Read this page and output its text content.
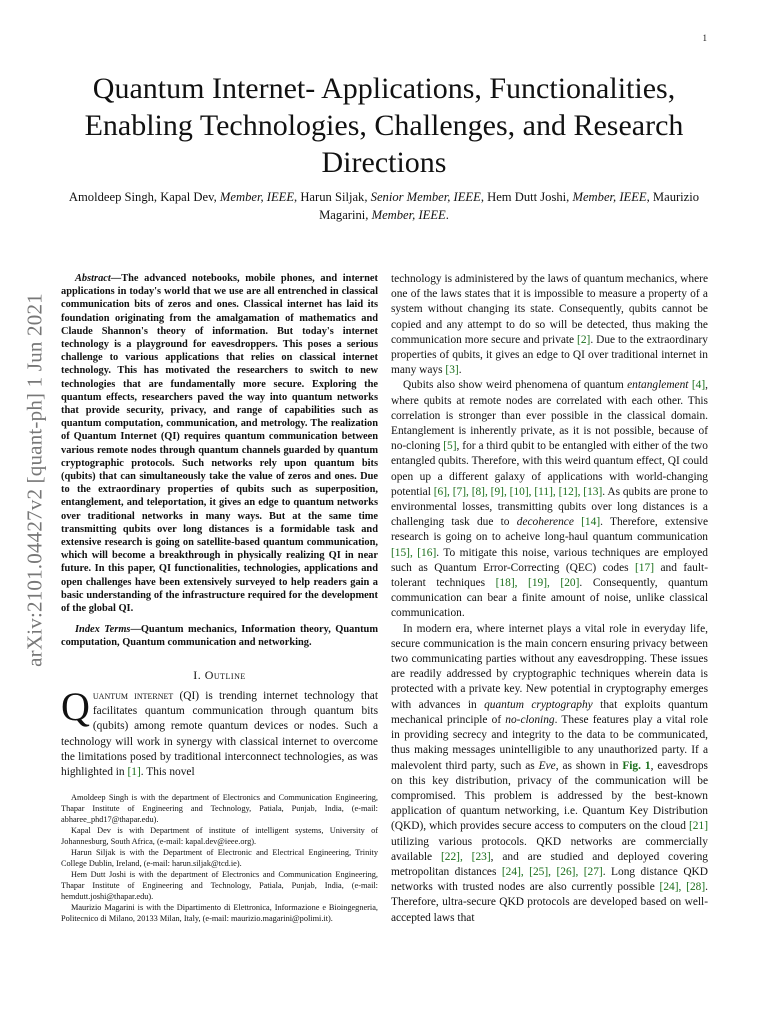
1
arXiv:2101.04427v2 [quant-ph] 1 Jun 2021
Quantum Internet- Applications, Functionalities, Enabling Technologies, Challenges, and Research Directions
Amoldeep Singh, Kapal Dev, Member, IEEE, Harun Siljak, Senior Member, IEEE, Hem Dutt Joshi, Member, IEEE, Maurizio Magarini, Member, IEEE.

Abstract—The advanced notebooks, mobile phones, and internet applications in today's world that we use are all entrenched in classical communication bits of zeros and ones. Classical internet has laid its foundation originating from the amalgamation of mathematics and Claude Shannon's theory of information. But today's internet technology is a playground for eavesdroppers. This poses a serious challenge to various applications that relies on classical internet technology. This has motivated the researchers to switch to new technologies that are fundamentally more secure. Exploring the quantum effects, researchers paved the way into quantum networks that provide security, privacy, and range of capabilities such as quantum computation, communication, and metrology. The realization of Quantum Internet (QI) requires quantum communication between various remote nodes through quantum channels guarded by quantum cryptographic protocols. Such networks rely upon quantum bits (qubits) that can simultaneously take the value of zeros and ones. Due to the extraordinary properties of qubits such as superposition, entanglement, and teleportation, it gives an edge to quantum networks over traditional networks in many ways. But at the same time transmitting qubits over long distances is a formidable task and extensive research is going on satellite-based quantum communication, which will become a breakthrough in physically realizing QI in near future. In this paper, QI functionalities, technologies, applications and open challenges have been extensively surveyed to help readers gain a basic understanding of the infrastructure required for the development of the global QI.

Index Terms—Quantum mechanics, Information theory, Quantum computation, Quantum communication and networking.

I. Outline

Quantum internet (QI) is trending internet technology that facilitates quantum communication through quantum bits (qubits) among remote quantum devices or nodes. Such a technology will work in synergy with classical internet to overcome the limitations posed by traditional interconnect technologies, as was highlighted in [1]. This novel

Amoldeep Singh is with the department of Electronics and Communication Engineering, Thapar Institute of Engineering and Technology, Patiala, Punjab, India, (e-mail: abharee_phd17@thapar.edu).

Kapal Dev is with Department of institute of intelligent systems, University of Johannesburg, South Africa, (e-mail: kapal.dev@ieee.org).

Harun Siljak is with the Department of Electronic and Electrical Engineering, Trinity College Dublin, Ireland, (e-mail: harun.siljak@tcd.ie).

Hem Dutt Joshi is with the department of Electronics and Communication Engineering, Thapar Institute of Engineering and Technology, Patiala, Punjab, India, (e-mail: hemdutt.joshi@thapar.edu).

Maurizio Magarini is with the Dipartimento di Elettronica, Informazione e Bioingegneria, Politecnico di Milano, 20133 Milan, Italy, (e-mail: maurizio.magarini@polimi.it).

technology is administered by the laws of quantum mechanics, where one of the laws states that it is impossible to measure a property of a system without changing its state. Consequently, qubits cannot be copied and any attempt to do so will be detected, thus making the communication more secure and private [2]. Due to the extraordinary properties of qubits, it gives an edge to QI over traditional internet in many ways [3].

Qubits also show weird phenomena of quantum entanglement [4], where qubits at remote nodes are correlated with each other. This correlation is stronger than ever possible in the classical domain. Entanglement is inherently private, as it is not possible, because of no-cloning [5], for a third qubit to be entangled with either of the two entangled qubits. Therefore, with this weird quantum effect, QI could open up a different galaxy of applications with world-changing potential [6], [7], [8], [9], [10], [11], [12], [13]. As qubits are prone to environmental losses, transmitting qubits over long distances is a challenging task due to decoherence [14]. Therefore, extensive research is going on to acheive long-haul quantum communication [15], [16]. To mitigate this noise, various techniques are employed such as Quantum Error-Correcting (QEC) codes [17] and fault-tolerant techniques [18], [19], [20]. Consequently, quantum communication can bear a finite amount of noise, unlike classical communication.

In modern era, where internet plays a vital role in everyday life, secure communication is the main concern ensuring privacy between two communicating parties without any eavesdropping. These issues are readily addressed by cryptographic techniques wherein data is protected with a private key. New potential in cryptography emerges with advances in quantum cryptography that exploits quantum mechanical principle of no-cloning. These features play a vital role in providing secrecy and integrity to the data to be communicated, thus making messages unintelligible to any unauthorized party. If a malevolent third party, such as Eve, as shown in Fig. 1, eavesdrops on this key distribution, privacy of the communication will be compromised. This problem is addressed by the best-known application of quantum networking, i.e. Quantum Key Distribution (QKD), which provides secure access to computers on the cloud [21] utilizing various protocols. QKD networks are commercially available [22], [23], and are studied and deployed covering metropolitan distances [24], [25], [26], [27]. Long distance QKD networks with trusted nodes are also currently possible [24], [28]. Therefore, ultra-secure QKD protocols are developed based on well-accepted laws that
